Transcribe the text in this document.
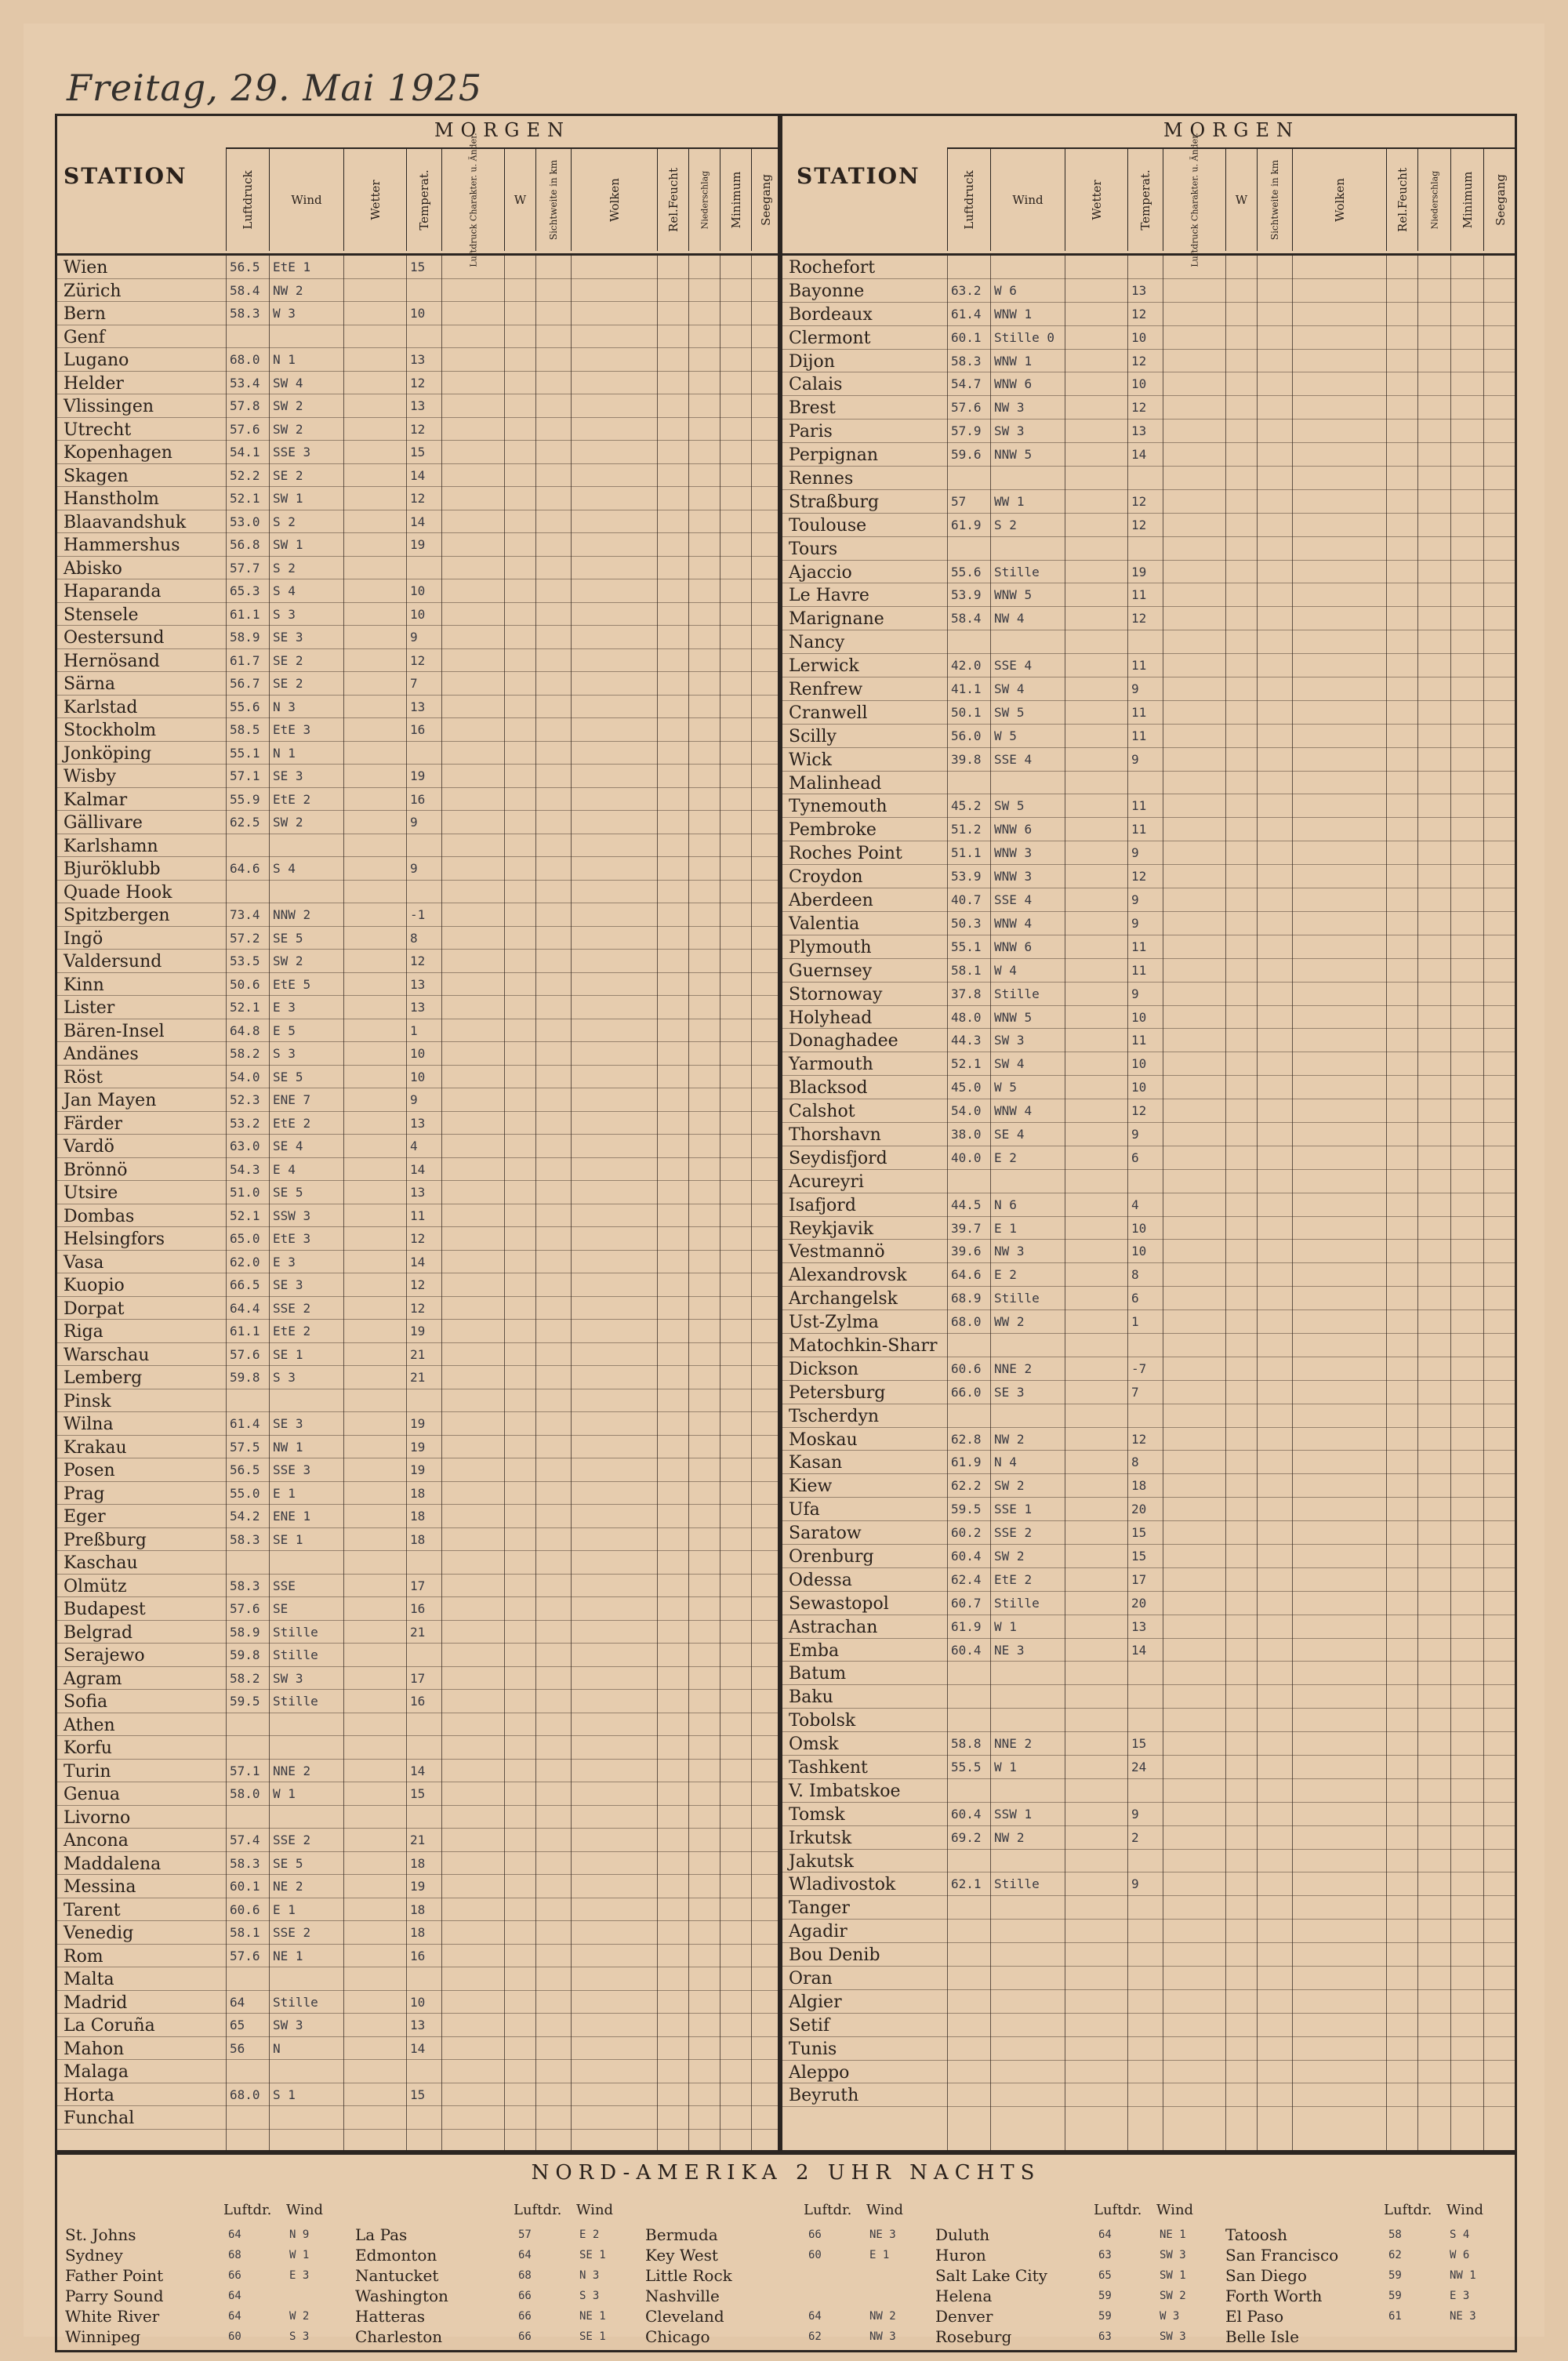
Freitag, 29. Mai 1925
STATION
MORGEN
Luftdruck	Wind	Wetter	Temperat.	Luftdruck Charakter. u. Änder.	W Sichtweite in km	Wolken	Rel.Feucht Niederschlag Minimum Seegang
Wien	56.5 EtE 1	15
Zürich	58.4 NW 2
Bern	58.3 W 3	10
Genf
Lugano	68.0 N 1	13
Helder	53.4 SW 4	12
Vlissingen	57.8 SW 2	13
Utrecht	57.6 SW 2	12
Kopenhagen	54.1 SSE 3	15
Skagen	52.2 SE 2	14
Hanstholm	52.1 SW 1	12
Blaavandshuk	53.0 S 2	14
Hammershus	56.8 SW 1	19
Abisko	57.7 S 2
Haparanda	65.3 S 4	10
Stensele	61.1 S 3	10
Oestersund	58.9 SE 3	9
Hernösand	61.7 SE 2	12
Särna	56.7 SE 2	7
Karlstad	55.6 N 3	13
Stockholm	58.5 EtE 3	16
Jonköping	55.1 N 1
Wisby	57.1 SE 3	19
Kalmar	55.9 EtE 2	16
Gällivare	62.5 SW 2	9
Karlshamn
Bjuröklubb	64.6 S 4	9
Quade Hook
Spitzbergen	73.4 NNW 2	-1
Ingö	57.2 SE 5	8
Valdersund	53.5 SW 2	12
Kinn	50.6 EtE 5	13
Lister	52.1 E 3	13
Bären-Insel	64.8 E 5	1
Andänes	58.2 S 3	10
Röst	54.0 SE 5	10
Jan Mayen	52.3 ENE 7	9
Färder	53.2 EtE 2	13
Vardö	63.0 SE 4	4
Brönnö	54.3 E 4	14
Utsire	51.0 SE 5	13
Dombas	52.1 SSW 3	11
Helsingfors	65.0 EtE 3	12
Vasa	62.0 E 3	14
Kuopio	66.5 SE 3	12
Dorpat	64.4 SSE 2	12
Riga	61.1 EtE 2	19
Warschau	57.6 SE 1	21
Lemberg	59.8 S 3	21
Pinsk
Wilna	61.4 SE 3	19
Krakau	57.5 NW 1	19
Posen	56.5 SSE 3	19
Prag	55.0 E 1	18
Eger	54.2 ENE 1	18
Preßburg	58.3 SE 1	18
Kaschau
Olmütz	58.3 SSE	17
Budapest	57.6 SE	16
Belgrad	58.9 Stille	21
Serajewo	59.8 Stille
Agram	58.2 SW 3	17
Sofia	59.5 Stille	16
Athen
Korfu
Turin	57.1 NNE 2	14
Genua	58.0 W 1	15
Livorno
Ancona	57.4 SSE 2	21
Maddalena	58.3 SE 5	18
Messina	60.1 NE 2	19
Tarent	60.6 E 1	18
Venedig	58.1 SSE 2	18
Rom	57.6 NE 1	16
Malta
Madrid	64 Stille	10
La Coruña	65 SW 3	13
Mahon	56 N	14
Malaga
Horta	68.0 S 1	15
Funchal
STATION
MORGEN
Luftdruck	Wind	Wetter	Temperat.	Luftdruck Charakter. u. Änder.	W Sichtweite in km	Wolken	Rel.Feucht Niederschlag Minimum Seegang
Rochefort
Bayonne	63.2 W 6	13
Bordeaux	61.4 WNW 1	12
Clermont	60.1 Stille 0	10
Dijon	58.3 WNW 1	12
Calais	54.7 WNW 6	10
Brest	57.6 NW 3	12
Paris	57.9 SW 3	13
Perpignan	59.6 NNW 5	14
Rennes
Straßburg	57 WW 1	12
Toulouse	61.9 S 2	12
Tours
Ajaccio	55.6 Stille	19
Le Havre	53.9 WNW 5	11
Marignane	58.4 NW 4	12
Nancy
Lerwick	42.0 SSE 4	11
Renfrew	41.1 SW 4	9
Cranwell	50.1 SW 5	11
Scilly	56.0 W 5	11
Wick	39.8 SSE 4	9
Malinhead
Tynemouth	45.2 SW 5	11
Pembroke	51.2 WNW 6	11
Roches Point	51.1 WNW 3	9
Croydon	53.9 WNW 3	12
Aberdeen	40.7 SSE 4	9
Valentia	50.3 WNW 4	9
Plymouth	55.1 WNW 6	11
Guernsey	58.1 W 4	11
Stornoway	37.8 Stille	9
Holyhead	48.0 WNW 5	10
Donaghadee	44.3 SW 3	11
Yarmouth	52.1 SW 4	10
Blacksod	45.0 W 5	10
Calshot	54.0 WNW 4	12
Thorshavn	38.0 SE 4	9
Seydisfjord	40.0 E 2	6
Acureyri
Isafjord	44.5 N 6	4
Reykjavik	39.7 E 1	10
Vestmannö	39.6 NW 3	10
Alexandrovsk	64.6 E 2	8
Archangelsk	68.9 Stille	6
Ust-Zylma	68.0 WW 2	1
Matochkin-Sharr
Dickson	60.6 NNE 2	-7
Petersburg	66.0 SE 3	7
Tscherdyn
Moskau	62.8 NW 2	12
Kasan	61.9 N 4	8
Kiew	62.2 SW 2	18
Ufa	59.5 SSE 1	20
Saratow	60.2 SSE 2	15
Orenburg	60.4 SW 2	15
Odessa	62.4 EtE 2	17
Sewastopol	60.7 Stille	20
Astrachan	61.9 W 1	13
Emba	60.4 NE 3	14
Batum
Baku
Tobolsk
Omsk	58.8 NNE 2	15
Tashkent	55.5 W 1	24
V. Imbatskoe
Tomsk	60.4 SSW 1	9
Irkutsk	69.2 NW 2	2
Jakutsk
Wladivostok	62.1 Stille	9
Tanger
Agadir
Bou Denib
Oran
Algier
Setif
Tunis
Aleppo
Beyruth
NORD-AMERIKA 2 UHR NACHTS
Luftdr. Wind
St. Johns	64	N 9
Sydney	68	W 1
Father Point	66	E 3
Parry Sound	64
White River	64	W 2
Winnipeg	60	S 3
Luftdr. Wind
La Pas	57	E 2
Edmonton	64	SE 1
Nantucket	68	N 3
Washington	66	S 3
Hatteras	66	NE 1
Charleston	66	SE 1
Luftdr. Wind
Bermuda	66	NE 3
Key West	60	E 1
Little Rock
Nashville
Cleveland	64	NW 2
Chicago	62	NW 3
Luftdr. Wind
Duluth	64	NE 1
Huron	63	SW 3
Salt Lake City	65	SW 1
Helena	59	SW 2
Denver	59	W 3
Roseburg	63	SW 3
Luftdr. Wind
Tatoosh	58	S 4
San Francisco	62	W 6
San Diego	59	NW 1
Forth Worth	59	E 3
El Paso	61	NE 3
Belle Isle
